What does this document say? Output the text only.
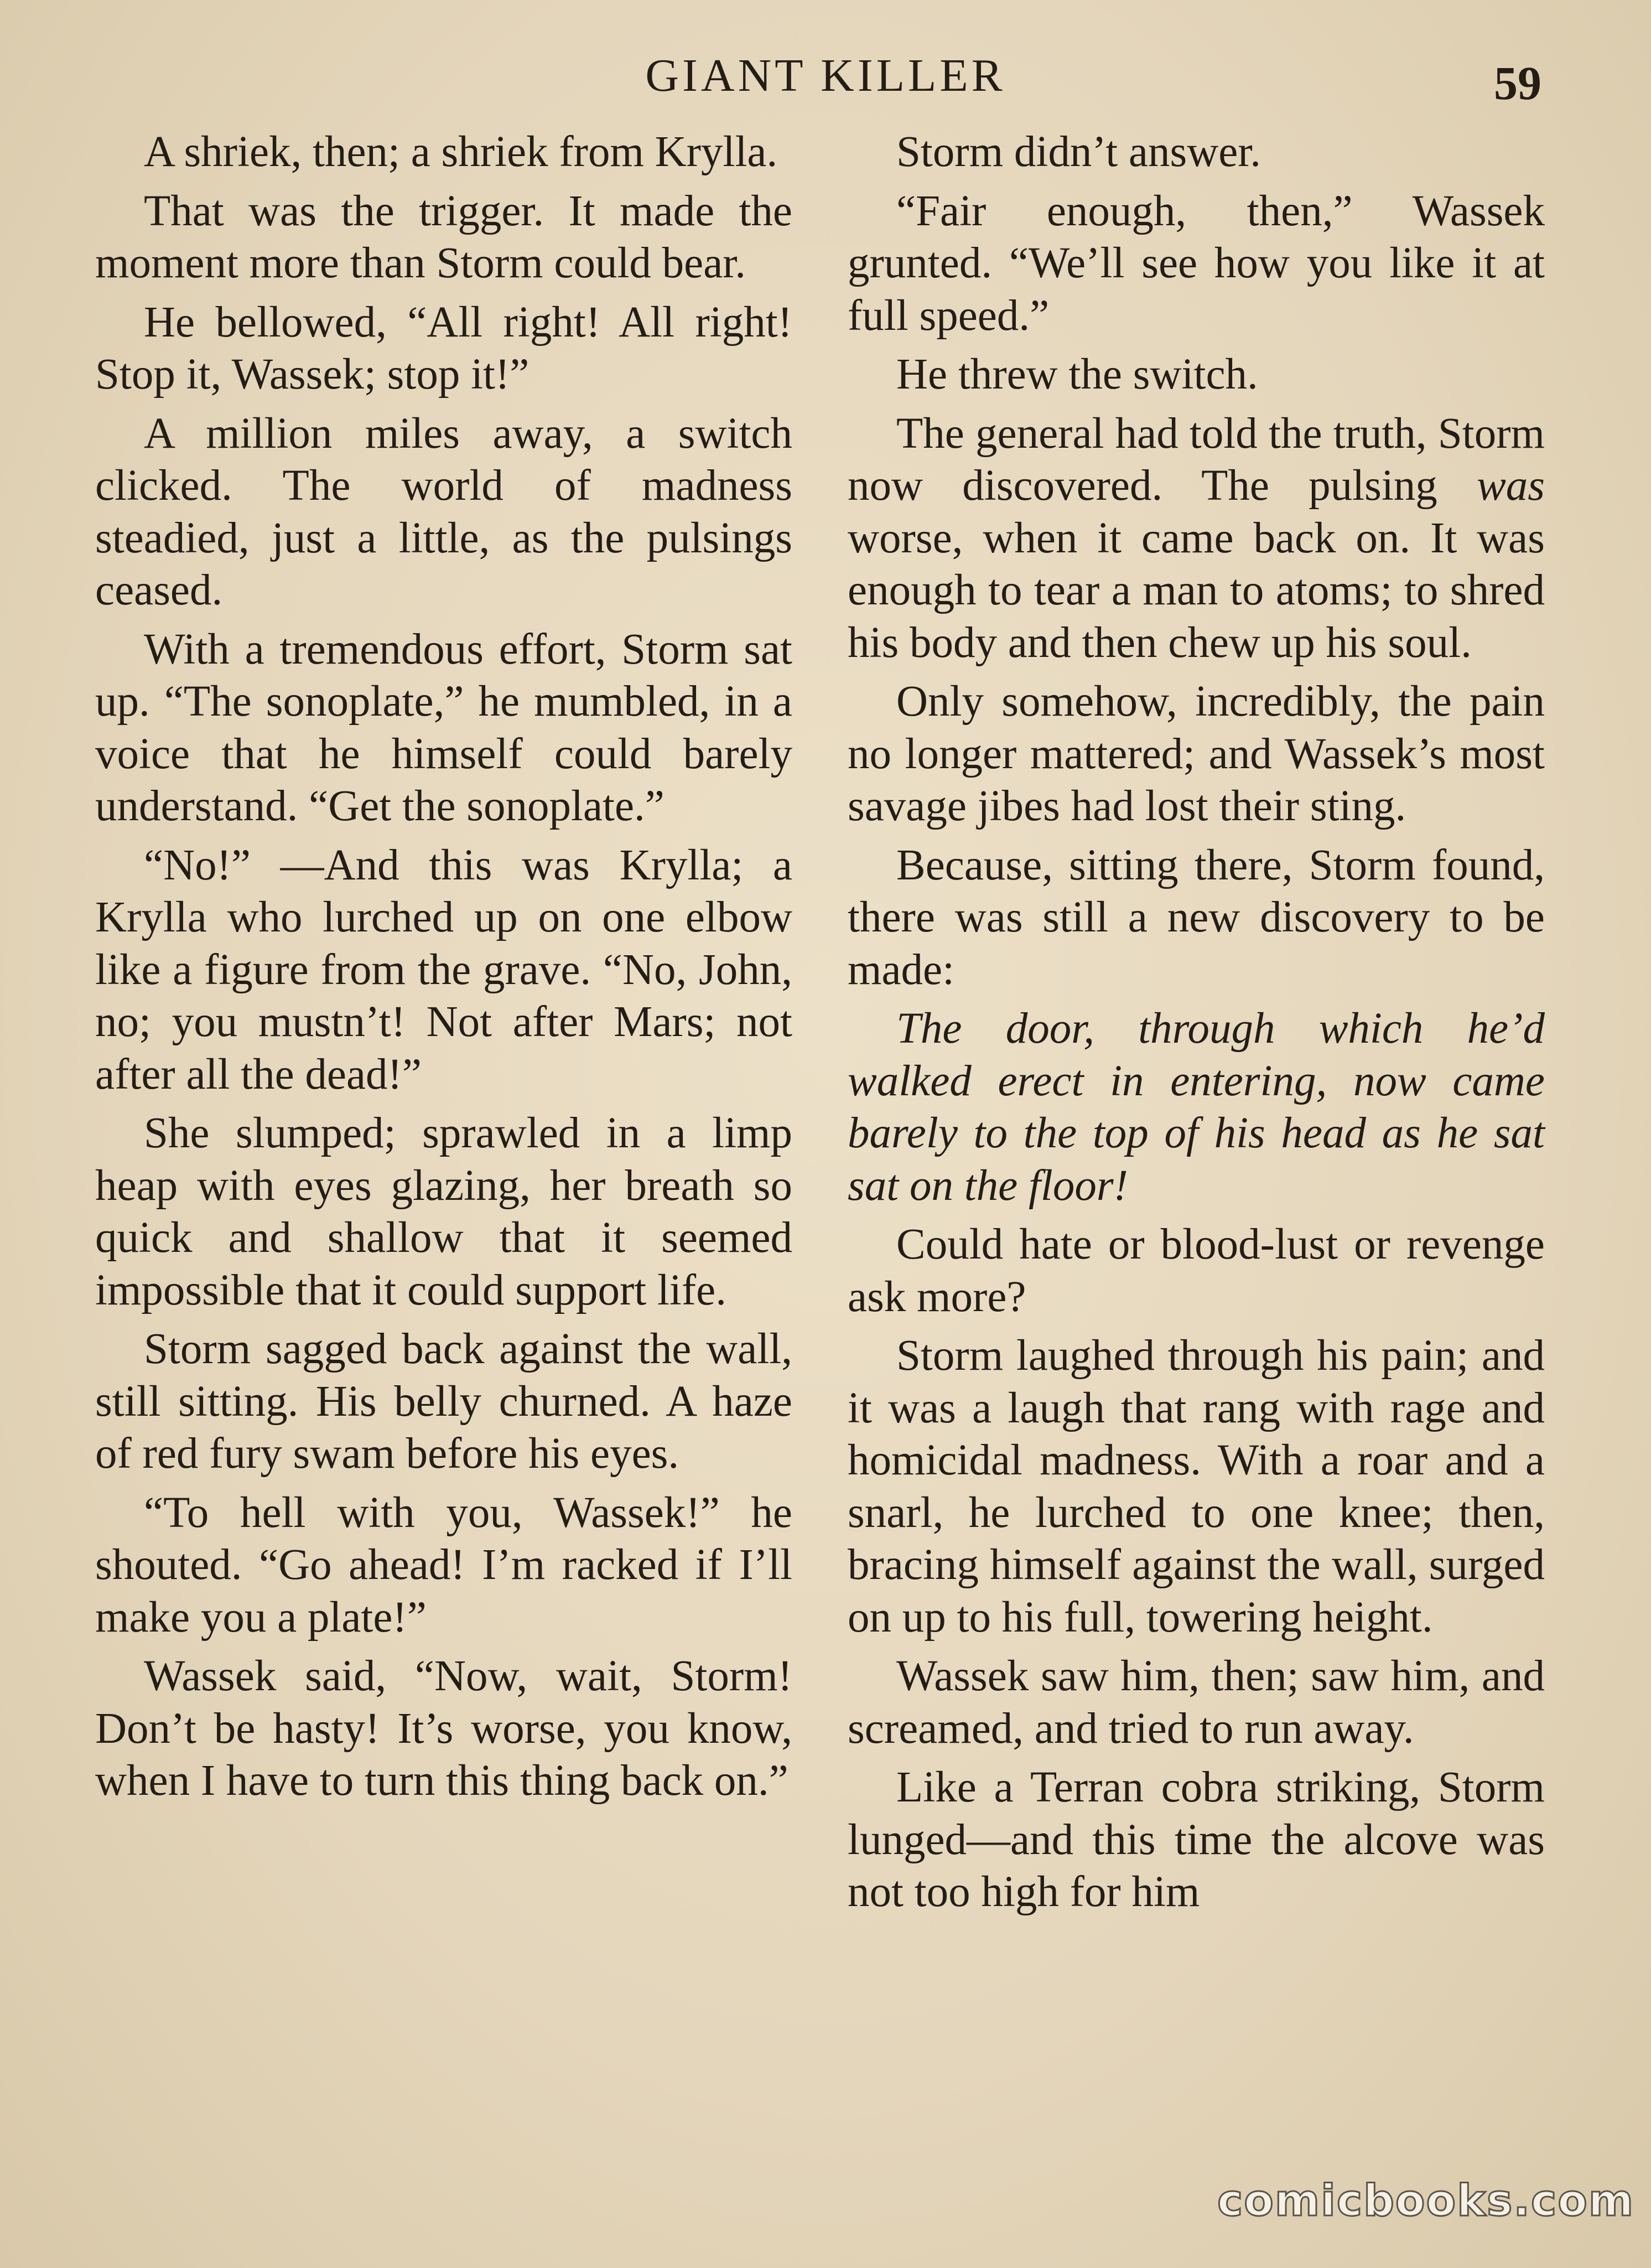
GIANT KILLER	59

A shriek, then; a shriek from Krylla.

That was the trigger. It made the moment more than Storm could bear.

He bellowed, “All right! All right! Stop it, Wassek; stop it!”

A million miles away, a switch clicked. The world of madness steadied, just a little, as the pulsings ceased.

With a tremendous effort, Storm sat up. “The sonoplate,” he mumbled, in a voice that he himself could barely understand. “Get the sonoplate.”

“No!” —And this was Krylla; a Krylla who lurched up on one elbow like a figure from the grave. “No, John, no; you mustn’t! Not after Mars; not after all the dead!”

She slumped; sprawled in a limp heap with eyes glazing, her breath so quick and shallow that it seemed impossible that it could support life.

Storm sagged back against the wall, still sitting. His belly churned. A haze of red fury swam before his eyes.

“To hell with you, Wassek!” he shouted. “Go ahead! I’m racked if I’ll make you a plate!”

Wassek said, “Now, wait, Storm! Don’t be hasty! It’s worse, you know, when I have to turn this thing back on.”

Storm didn’t answer.

“Fair enough, then,” Wassek grunted. “We’ll see how you like it at full speed.”

He threw the switch.

The general had told the truth, Storm now discovered. The pulsing was worse, when it came back on. It was enough to tear a man to atoms; to shred his body and then chew up his soul.

Only somehow, incredibly, the pain no longer mattered; and Wassek’s most savage jibes had lost their sting.

Because, sitting there, Storm found, there was still a new discovery to be made:

The door, through which he’d walked erect in entering, now came barely to the top of his head as he sat sat on the floor!

Could hate or blood-lust or revenge ask more?

Storm laughed through his pain; and it was a laugh that rang with rage and homicidal madness. With a roar and a snarl, he lurched to one knee; then, bracing himself against the wall, surged on up to his full, towering height.

Wassek saw him, then; saw him, and screamed, and tried to run away.

Like a Terran cobra striking, Storm lunged—and this time the alcove was not too high for him

comicbooks.com
